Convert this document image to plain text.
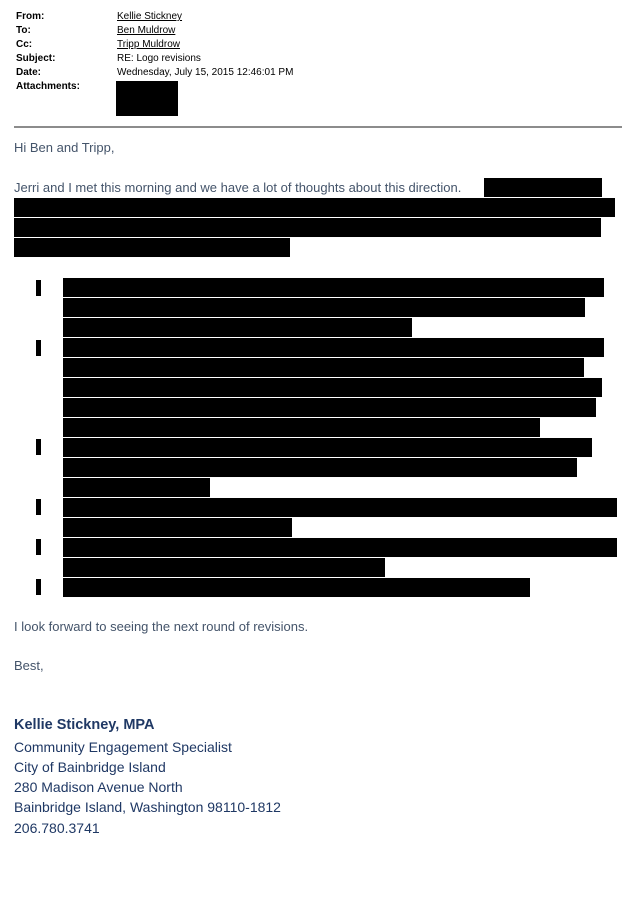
From:	Kellie Stickney
To:	Ben Muldrow
Cc:	Tripp Muldrow
Subject:	RE: Logo revisions
Date:	Wednesday, July 15, 2015 12:46:01 PM
Attachments:
Hi Ben and Tripp,
Jerri and I met this morning and we have a lot of thoughts about this direction.
I look forward to seeing the next round of revisions.
Best,
Kellie Stickney, MPA
Community Engagement Specialist
City of Bainbridge Island
280 Madison Avenue North
Bainbridge Island, Washington 98110-1812
206.780.3741
